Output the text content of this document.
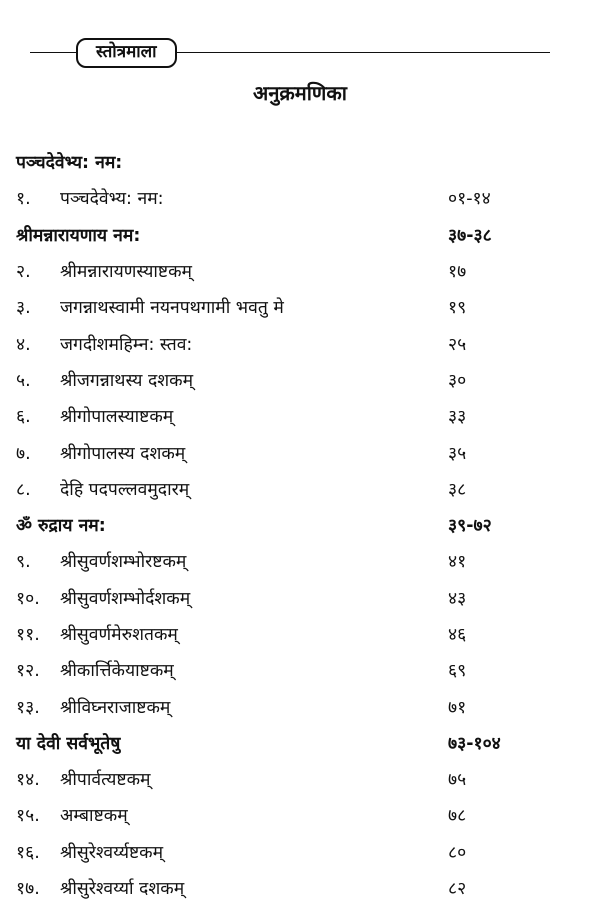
स्तोत्रमाला
अनुक्रमणिका
पञ्चदेवेभ्य: नम:
१.	पञ्चदेवेभ्य: नम:	०१-१४
श्रीमन्नारायणाय नम:	३७-३८
२.	श्रीमन्नारायणस्याष्टकम्	१७
३.	जगन्नाथस्वामी नयनपथगामी भवतु मे	१९
४.	जगदीशमहिम्न: स्तव:	२५
५.	श्रीजगन्नाथस्य दशकम्	३०
६.	श्रीगोपालस्याष्टकम्	३३
७.	श्रीगोपालस्य दशकम्	३५
८.	देहि पदपल्लवमुदारम्	३८
ॐ रुद्राय नम:	३९-७२
९.	श्रीसुवर्णशम्भोरष्टकम्	४१
१०.	श्रीसुवर्णशम्भोर्दशकम्	४३
११.	श्रीसुवर्णमेरुशतकम्	४६
१२.	श्रीकार्त्तिकेयाष्टकम्	६९
१३.	श्रीविघ्नराजाष्टकम्	७१
या देवी सर्वभूतेषु	७३-१०४
१४.	श्रीपार्वत्यष्टकम्	७५
१५.	अम्बाष्टकम्	७८
१६.	श्रीसुरेश्वर्य्यष्टकम्	८०
१७.	श्रीसुरेश्वर्य्या दशकम्	८२
